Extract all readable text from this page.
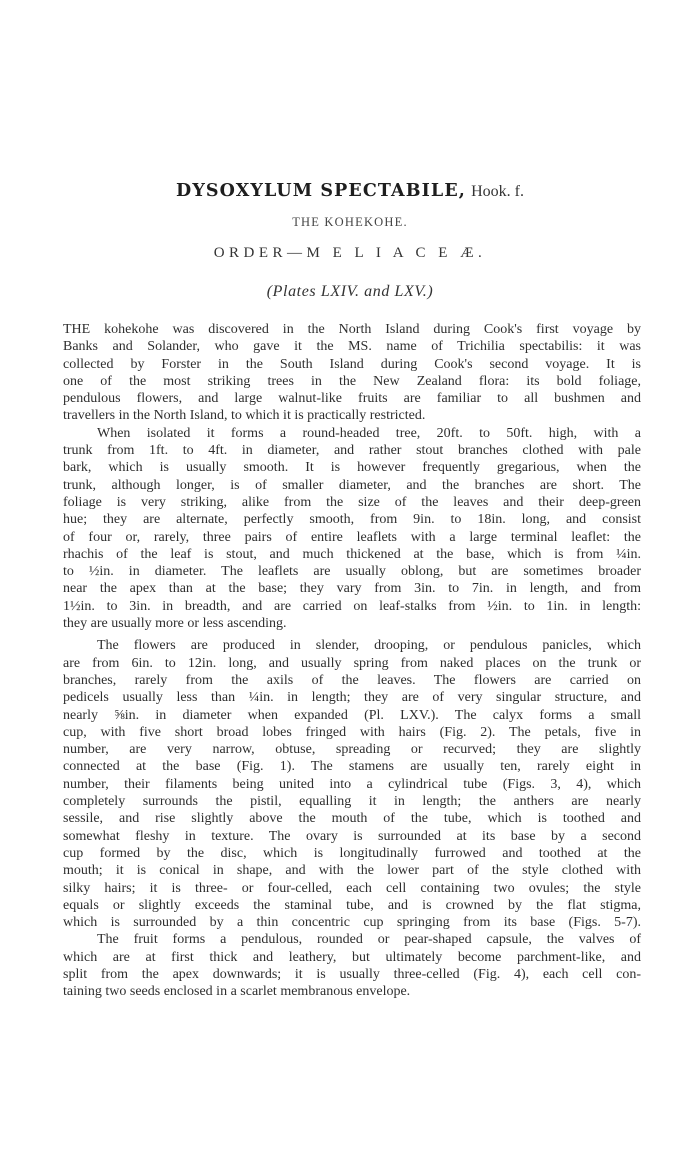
DYSOXYLUM SPECTABILE, Hook. f.
THE KOHEKOHE.
ORDER—M E L I A C E Æ.
(Plates LXIV. and LXV.)
THE kohekohe was discovered in the North Island during Cook's first voyage by
Banks and Solander, who gave it the MS. name of Trichilia spectabilis: it was
collected by Forster in the South Island during Cook's second voyage. It is
one of the most striking trees in the New Zealand flora: its bold foliage,
pendulous flowers, and large walnut-like fruits are familiar to all bushmen and
travellers in the North Island, to which it is practically restricted.
When isolated it forms a round-headed tree, 20ft. to 50ft. high, with a
trunk from 1ft. to 4ft. in diameter, and rather stout branches clothed with pale
bark, which is usually smooth. It is however frequently gregarious, when the
trunk, although longer, is of smaller diameter, and the branches are short. The
foliage is very striking, alike from the size of the leaves and their deep-green
hue; they are alternate, perfectly smooth, from 9in. to 18in. long, and consist
of four or, rarely, three pairs of entire leaflets with a large terminal leaflet: the
rhachis of the leaf is stout, and much thickened at the base, which is from ¼in.
to ½in. in diameter. The leaflets are usually oblong, but are sometimes broader
near the apex than at the base; they vary from 3in. to 7in. in length, and from
1½in. to 3in. in breadth, and are carried on leaf-stalks from ½in. to 1in. in length:
they are usually more or less ascending.
The flowers are produced in slender, drooping, or pendulous panicles, which
are from 6in. to 12in. long, and usually spring from naked places on the trunk or
branches, rarely from the axils of the leaves. The flowers are carried on
pedicels usually less than ¼in. in length; they are of very singular structure, and
nearly ⅝in. in diameter when expanded (Pl. LXV.). The calyx forms a small
cup, with five short broad lobes fringed with hairs (Fig. 2). The petals, five in
number, are very narrow, obtuse, spreading or recurved; they are slightly
connected at the base (Fig. 1). The stamens are usually ten, rarely eight in
number, their filaments being united into a cylindrical tube (Figs. 3, 4), which
completely surrounds the pistil, equalling it in length; the anthers are nearly
sessile, and rise slightly above the mouth of the tube, which is toothed and
somewhat fleshy in texture. The ovary is surrounded at its base by a second
cup formed by the disc, which is longitudinally furrowed and toothed at the
mouth; it is conical in shape, and with the lower part of the style clothed with
silky hairs; it is three- or four-celled, each cell containing two ovules; the style
equals or slightly exceeds the staminal tube, and is crowned by the flat stigma,
which is surrounded by a thin concentric cup springing from its base (Figs. 5-7).
The fruit forms a pendulous, rounded or pear-shaped capsule, the valves of
which are at first thick and leathery, but ultimately become parchment-like, and
split from the apex downwards; it is usually three-celled (Fig. 4), each cell con-
taining two seeds enclosed in a scarlet membranous envelope.
